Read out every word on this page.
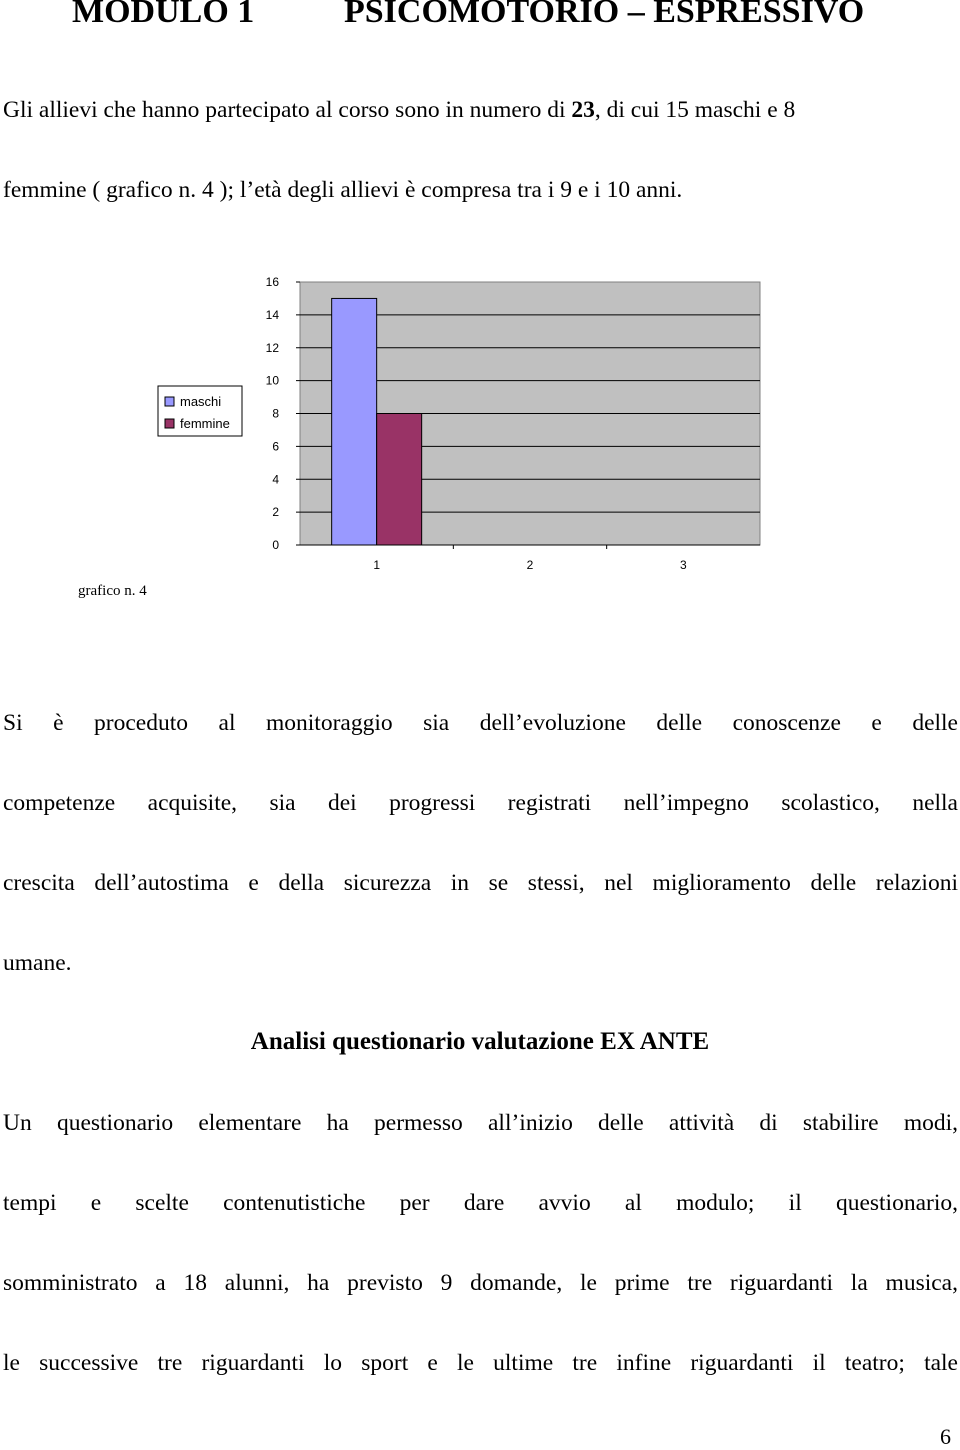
MODULO 1	PSICOMOTORIO – ESPRESSIVO
Gli allievi che hanno partecipato al corso sono in numero di 23, di cui 15 maschi e 8
femmine ( grafico n. 4 ); l’età degli allievi è compresa tra i 9 e i 10 anni.
0
2
4
6
8
10
12
14
16
1	2	3
maschi
femmine
grafico n. 4
Si è proceduto al monitoraggio sia dell’evoluzione delle conoscenze e delle
competenze acquisite, sia dei progressi registrati nell’impegno scolastico, nella
crescita dell’autostima e della sicurezza in se stessi, nel miglioramento delle relazioni
umane.
Analisi questionario valutazione EX ANTE
Un questionario elementare ha permesso all’inizio delle attività di stabilire modi,
tempi e scelte contenutistiche per dare avvio al modulo; il questionario,
somministrato a 18 alunni, ha previsto 9 domande, le prime tre riguardanti la musica,
le successive tre riguardanti lo sport e le ultime tre infine riguardanti il teatro; tale
6
